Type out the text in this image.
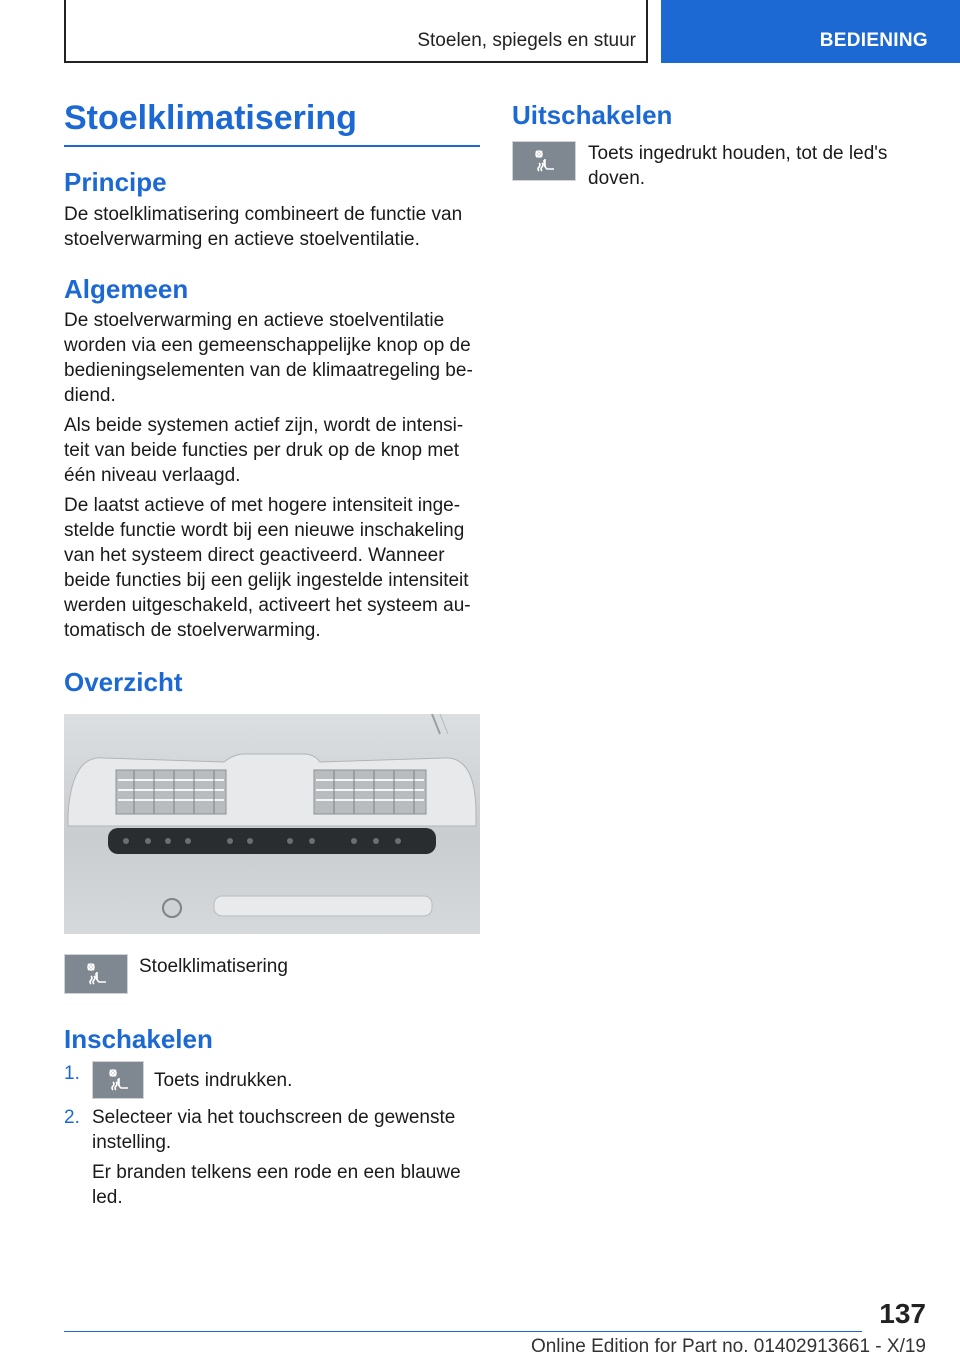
Stoelen, spiegels en stuur	BEDIENING
Stoelklimatisering
Principe

De stoelklimatisering combineert de functie van stoelverwarming en actieve stoelventilatie.

Algemeen

De stoelverwarming en actieve stoelventilatie worden via een gemeenschappelijke knop op de bedieningselementen van de klimaatregeling bediend.

Als beide systemen actief zijn, wordt de intensiteit van beide functies per druk op de knop met één niveau verlaagd.

De laatst actieve of met hogere intensiteit ingestelde functie wordt bij een nieuwe inschakeling van het systeem direct geactiveerd. Wanneer beide functies bij een gelijk ingestelde intensiteit werden uitgeschakeld, activeert het systeem automatisch de stoelverwarming.

Overzicht
Stoelklimatisering
Inschakelen
1.	Toets indrukken.
2. Selecteer via het touchscreen de gewenste instelling.
Er branden telkens een rode en een blauwe led.
Uitschakelen

Toets ingedrukt houden, tot de led's doven.

137
Online Edition for Part no. 01402913661 - X/19
